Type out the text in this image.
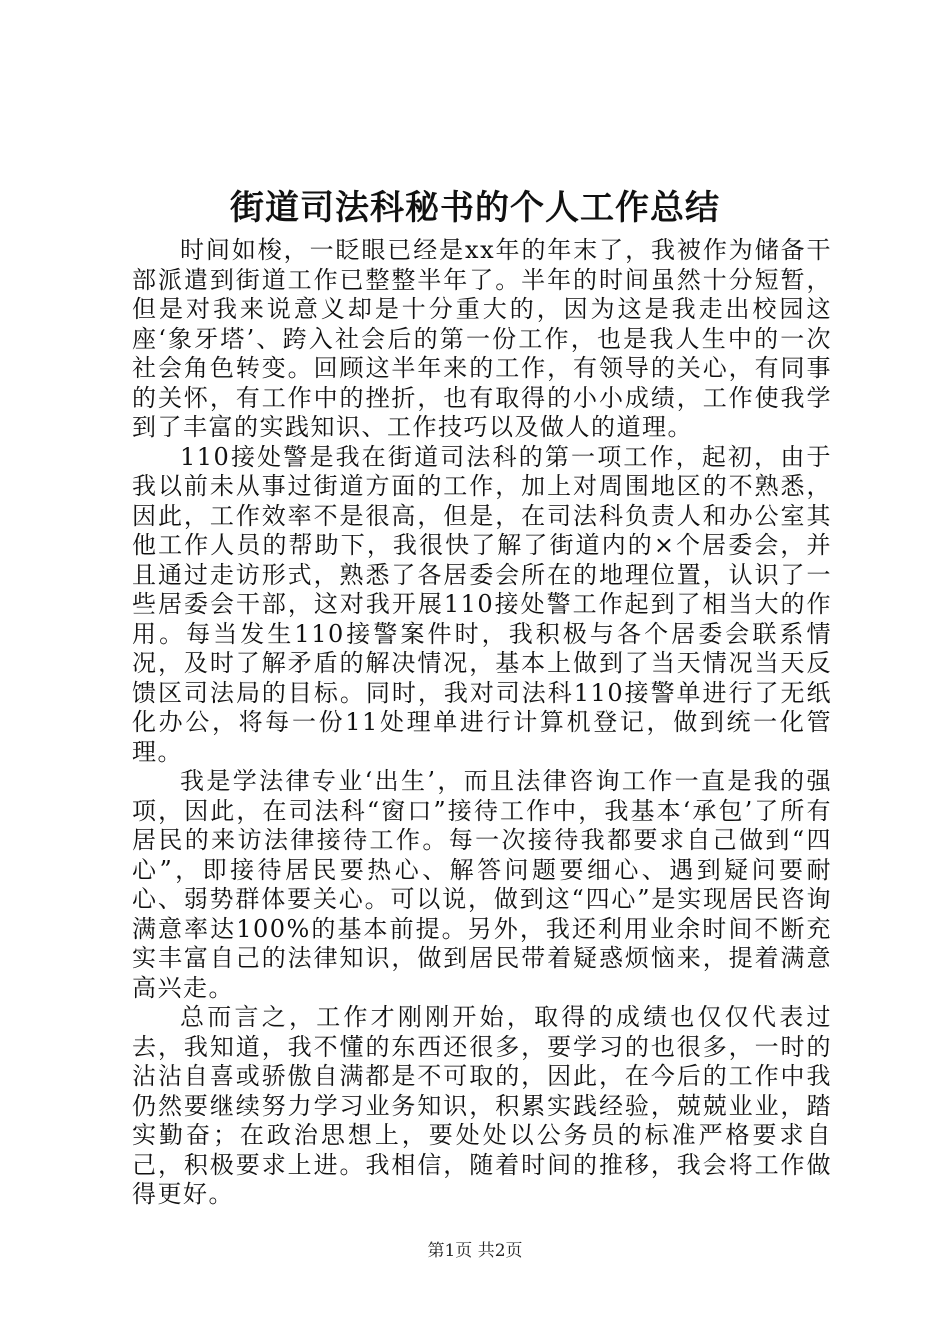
街道司法科秘书的个人工作总结

时间如梭，一眨眼已经是xx年的年末了，我被作为储备干部派遣到街道工作已整整半年了。半年的时间虽然十分短暂，但是对我来说意义却是十分重大的，因为这是我走出校园这座‘象牙塔’、跨入社会后的第一份工作，也是我人生中的一次社会角色转变。回顾这半年来的工作，有领导的关心，有同事的关怀，有工作中的挫折，也有取得的小小成绩，工作使我学到了丰富的实践知识、工作技巧以及做人的道理。

110接处警是我在街道司法科的第一项工作，起初，由于我以前未从事过街道方面的工作，加上对周围地区的不熟悉，因此，工作效率不是很高，但是，在司法科负责人和办公室其他工作人员的帮助下，我很快了解了街道内的×个居委会，并且通过走访形式，熟悉了各居委会所在的地理位置，认识了一些居委会干部，这对我开展110接处警工作起到了相当大的作用。每当发生110接警案件时，我积极与各个居委会联系情况，及时了解矛盾的解决情况，基本上做到了当天情况当天反馈区司法局的目标。同时，我对司法科110接警单进行了无纸化办公，将每一份11处理单进行计算机登记，做到统一化管理。

我是学法律专业‘出生’，而且法律咨询工作一直是我的强项，因此，在司法科“窗口”接待工作中，我基本‘承包’了所有居民的来访法律接待工作。每一次接待我都要求自己做到“四心”，即接待居民要热心、解答问题要细心、遇到疑问要耐心、弱势群体要关心。可以说，做到这“四心”是实现居民咨询满意率达100%的基本前提。另外，我还利用业余时间不断充实丰富自己的法律知识，做到居民带着疑惑烦恼来，提着满意高兴走。

总而言之，工作才刚刚开始，取得的成绩也仅仅代表过去，我知道，我不懂的东西还很多，要学习的也很多，一时的沾沾自喜或骄傲自满都是不可取的，因此，在今后的工作中我仍然要继续努力学习业务知识，积累实践经验，兢兢业业，踏实勤奋；在政治思想上，要处处以公务员的标准严格要求自己，积极要求上进。我相信，随着时间的推移，我会将工作做得更好。

第1页 共2页
